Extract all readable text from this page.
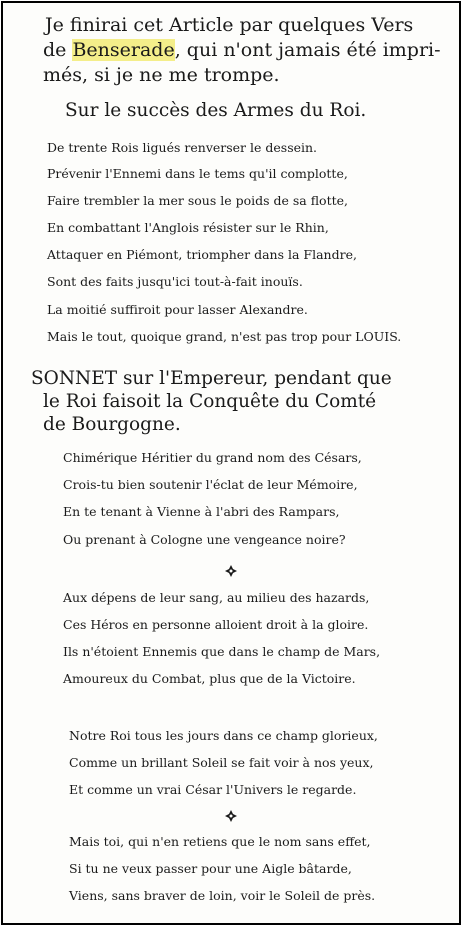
Je finirai cet Article par quelques Vers
de Benserade, qui n'ont jamais été impri-
més, si je ne me trompe.
Sur le succès des Armes du Roi.
De trente Rois ligués renverser le dessein.
Prévenir l'Ennemi dans le tems qu'il complotte,
Faire trembler la mer sous le poids de sa flotte,
En combattant l'Anglois résister sur le Rhin,
Attaquer en Piémont, triompher dans la Flandre,
Sont des faits jusqu'ici tout-à-fait inouïs.
La moitié suffiroit pour lasser Alexandre.
Mais le tout, quoique grand, n'est pas trop pour LOUIS.
SONNET sur l'Empereur, pendant que
le Roi faisoit la Conquête du Comté
de Bourgogne.
Chimérique Héritier du grand nom des Césars,
Crois-tu bien soutenir l'éclat de leur Mémoire,
En te tenant à Vienne à l'abri des Rampars,
Ou prenant à Cologne une vengeance noire?
Aux dépens de leur sang, au milieu des hazards,
Ces Héros en personne alloient droit à la gloire.
Ils n'étoient Ennemis que dans le champ de Mars,
Amoureux du Combat, plus que de la Victoire.
Notre Roi tous les jours dans ce champ glorieux,
Comme un brillant Soleil se fait voir à nos yeux,
Et comme un vrai César l'Univers le regarde.
Mais toi, qui n'en retiens que le nom sans effet,
Si tu ne veux passer pour une Aigle bâtarde,
Viens, sans braver de loin, voir le Soleil de près.
